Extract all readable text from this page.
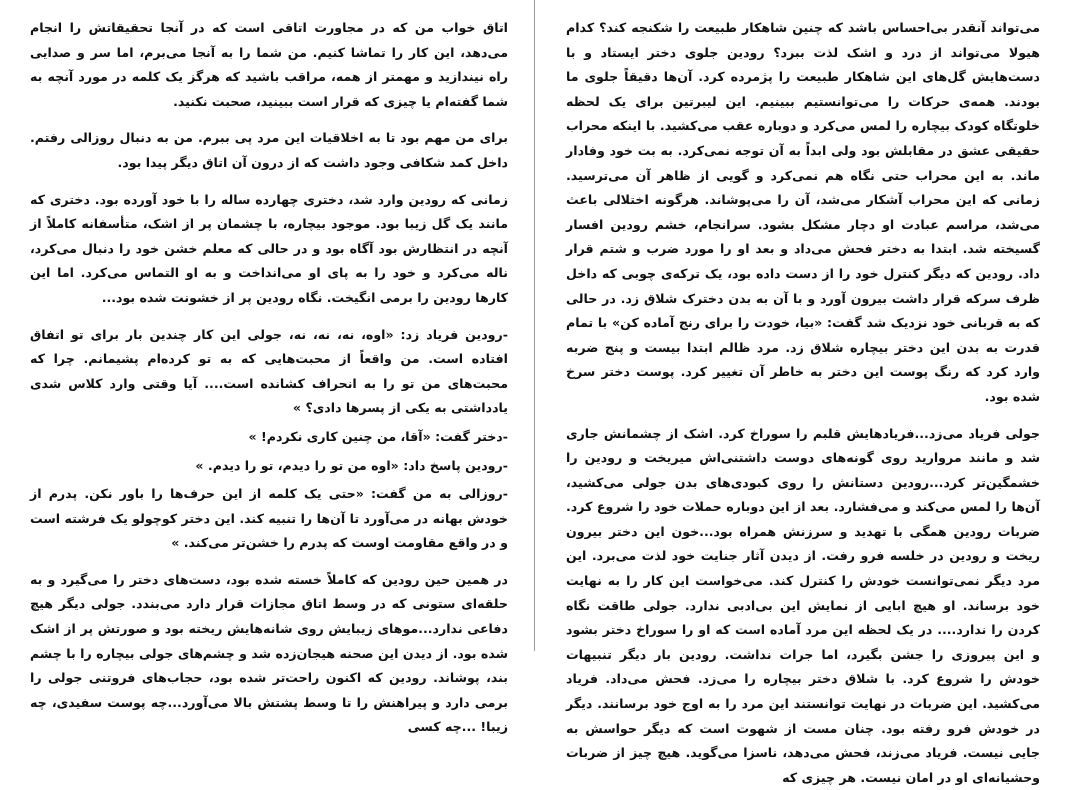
اتاق خواب من که در مجاورت اتاقی است که در آنجا تحقیقاتش را انجام می‌دهد، این کار را تماشا کنیم. من شما را به آنجا می‌برم، اما سر و صدایی راه نیندازید و مهمتر از همه، مراقب باشید که هرگز یک کلمه در مورد آنچه به شما گفته‌ام یا چیزی که قرار است ببینید، صحبت نکنید.

برای من مهم بود تا به اخلاقیات این مرد پی ببرم. من به دنبال روزالی رفتم. داخل کمد شکافی وجود داشت که از درون آن اتاق دیگر پیدا بود.

زمانی که رودین وارد شد، دختری چهارده ساله را با خود آورده بود. دختری که مانند یک گل زیبا بود. موجود بیچاره، با چشمان پر از اشک، متأسفانه کاملاً از آنچه در انتظارش بود آگاه بود و در حالی که معلم خشن خود را دنبال می‌کرد، ناله می‌کرد و خود را به پای او می‌انداخت و به او التماس می‌کرد. اما این کارها رودین را برمی انگیخت. نگاه رودین پر از خشونت شده بود...

-رودین فریاد زد: «اوه، نه، نه، نه، جولی این کار چندین بار برای تو اتفاق افتاده است. من واقعاً از محبت‌هایی که به تو کرده‌ام پشیمانم. چرا که محبت‌های من تو را به انحراف کشانده است.... آیا وقتی وارد کلاس شدی یادداشتی به یکی از پسرها دادی؟ »

-دختر گفت: «آقا، من چنین کاری نکردم! »

-رودین پاسخ داد: «اوه من تو را دیدم، تو را دیدم. »

-روزالی به من گفت: «حتی یک کلمه از این حرف‌ها را باور نکن. پدرم از خودش بهانه در می‌آورد تا آن‌ها را تنبیه کند. این دختر کوچولو یک فرشته است و در واقع مقاومت اوست که پدرم را خشن‌تر می‌کند. »

در همین حین رودین که کاملاً خسته شده بود، دست‌های دختر را می‌گیرد و به حلقه‌ای ستونی که در وسط اتاق مجازات قرار دارد می‌بندد. جولی دیگر هیچ دفاعی ندارد...موهای زیبایش روی شانه‌هایش ریخته بود و صورتش پر از اشک شده بود. از دیدن این صحنه هیجان‌زده شد و چشم‌های جولی بیچاره را با چشم بند، پوشاند. رودین که اکنون راحت‌تر شده بود، حجاب‌های فروتنی جولی را برمی دارد و پیراهنش را تا وسط پشتش بالا می‌آورد...چه پوست سفیدی، چه زیبا! ...چه کسی

می‌تواند آنقدر بی‌احساس باشد که چنین شاهکار طبیعت را شکنجه کند؟ کدام هیولا می‌تواند از درد و اشک لذت ببرد؟ رودین جلوی دختر ایستاد و با دست‌هایش گل‌های این شاهکار طبیعت را پژمرده کرد. آن‌ها دقیقاً جلوی ما بودند. همه‌ی حرکات را می‌توانستیم ببینیم. این لیبرتین برای یک لحظه خلوتگاه کودک بیچاره را لمس می‌کرد و دوباره عقب می‌کشید. با اینکه محراب حقیقی عشق در مقابلش بود ولی ابداً به آن توجه نمی‌کرد. به بت خود وفادار ماند. به این محراب حتی نگاه هم نمی‌کرد و گویی از ظاهر آن می‌ترسید. زمانی که این محراب آشکار می‌شد، آن را می‌پوشاند. هرگونه اختلالی باعث می‌شد، مراسم عبادت او دچار مشکل بشود. سرانجام، خشم رودین افسار گسیخته شد. ابتدا به دختر فحش می‌داد و بعد او را مورد ضرب و شتم قرار داد. رودین که دیگر کنترل خود را از دست داده بود، یک ترکه‌ی چوبی که داخل ظرف سرکه قرار داشت بیرون آورد و با آن به بدن دخترک شلاق زد. در حالی که به قربانی خود نزدیک شد گفت: «بیا، خودت را برای رنج آماده کن» با تمام قدرت به بدن این دختر بیچاره شلاق زد. مرد ظالم ابتدا بیست و پنج ضربه وارد کرد که رنگ پوست این دختر به خاطر آن تغییر کرد. پوست دختر سرخ شده بود.

جولی فریاد می‌زد...فریادهایش قلبم را سوراخ کرد. اشک از چشمانش جاری شد و مانند مروارید روی گونه‌های دوست داشتنی‌اش میریخت و رودین را خشمگین‌تر کرد...رودین دستانش را روی کبودی‌های بدن جولی می‌کشید، آن‌ها را لمس می‌کند و می‌فشارد. بعد از این دوباره حملات خود را شروع کرد. ضربات رودین همگی با تهدید و سرزنش همراه بود...خون این دختر بیرون ریخت و رودین در خلسه فرو رفت. از دیدن آثار جنایت خود لذت می‌برد. این مرد دیگر نمی‌توانست خودش را کنترل کند. می‌خواست این کار را به نهایت خود برساند. او هیچ ابایی از نمایش این بی‌ادبی ندارد. جولی طاقت نگاه کردن را ندارد.... در یک لحظه این مرد آماده است که او را سوراخ دختر بشود و این پیروزی را جشن بگیرد، اما جرات نداشت. رودین بار دیگر تنبیهات خودش را شروع کرد. با شلاق دختر بیچاره را می‌زد. فحش می‌داد. فریاد می‌کشید. این ضربات در نهایت توانستند این مرد را به اوج خود برسانند. دیگر در خودش فرو رفته بود. چنان مست از شهوت است که دیگر حواسش به جایی نیست. فریاد می‌زند، فحش می‌دهد، ناسزا می‌گوید. هیچ چیز از ضربات وحشیانه‌ای او در امان نیست. هر چیزی که
